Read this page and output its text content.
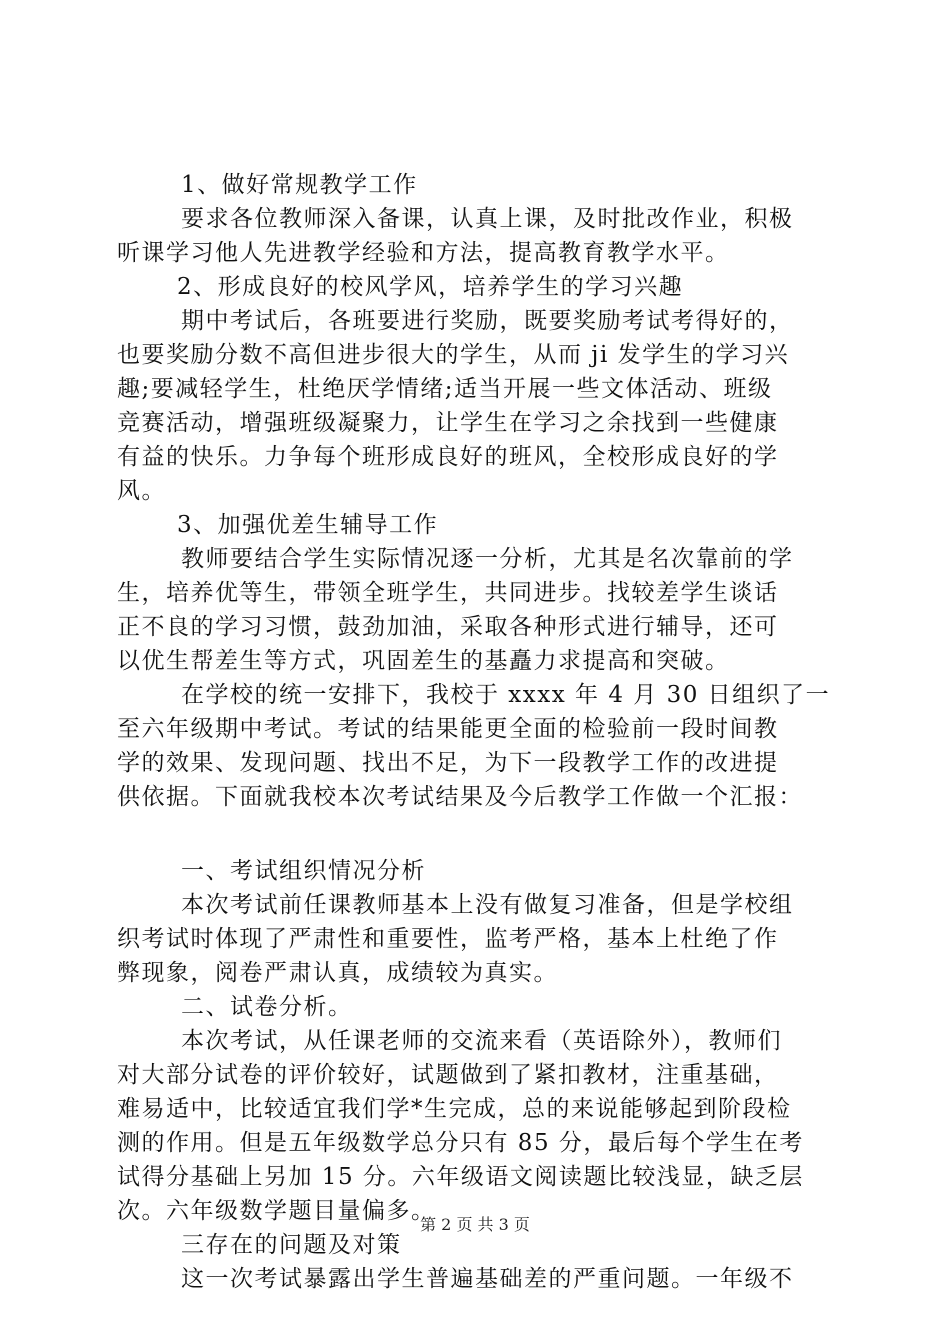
1、做好常规教学工作
要求各位教师深入备课，认真上课，及时批改作业，积极
听课学习他人先进教学经验和方法，提高教育教学水平。
2、形成良好的校风学风，培养学生的学习兴趣
期中考试后，各班要进行奖励，既要奖励考试考得好的，
也要奖励分数不高但进步很大的学生，从而 ji 发学生的学习兴
趣;要减轻学生，杜绝厌学情绪;适当开展一些文体活动、班级
竞赛活动，增强班级凝聚力，让学生在学习之余找到一些健康
有益的快乐。力争每个班形成良好的班风，全校形成良好的学
风。
3、加强优差生辅导工作
教师要结合学生实际情况逐一分析，尤其是名次靠前的学
生，培养优等生，带领全班学生，共同进步。找较差学生谈话
正不良的学习习惯，鼓劲加油，采取各种形式进行辅导，还可
以优生帮差生等方式，巩固差生的基矗力求提高和突破。
在学校的统一安排下，我校于 xxxx 年 4 月 30 日组织了一
至六年级期中考试。考试的结果能更全面的检验前一段时间教
学的效果、发现问题、找出不足，为下一段教学工作的改进提
供依据。下面就我校本次考试结果及今后教学工作做一个汇报：
一、考试组织情况分析
本次考试前任课教师基本上没有做复习准备，但是学校组
织考试时体现了严肃性和重要性，监考严格，基本上杜绝了作
弊现象，阅卷严肃认真，成绩较为真实。
二、试卷分析。
本次考试，从任课老师的交流来看（英语除外），教师们
对大部分试卷的评价较好，试题做到了紧扣教材，注重基础，
难易适中，比较适宜我们学*生完成，总的来说能够起到阶段检
测的作用。但是五年级数学总分只有 85 分，最后每个学生在考
试得分基础上另加 15 分。六年级语文阅读题比较浅显，缺乏层
次。六年级数学题目量偏多。
三存在的问题及对策
这一次考试暴露出学生普遍基础差的严重问题。一年级不
第 2 页 共 3 页
